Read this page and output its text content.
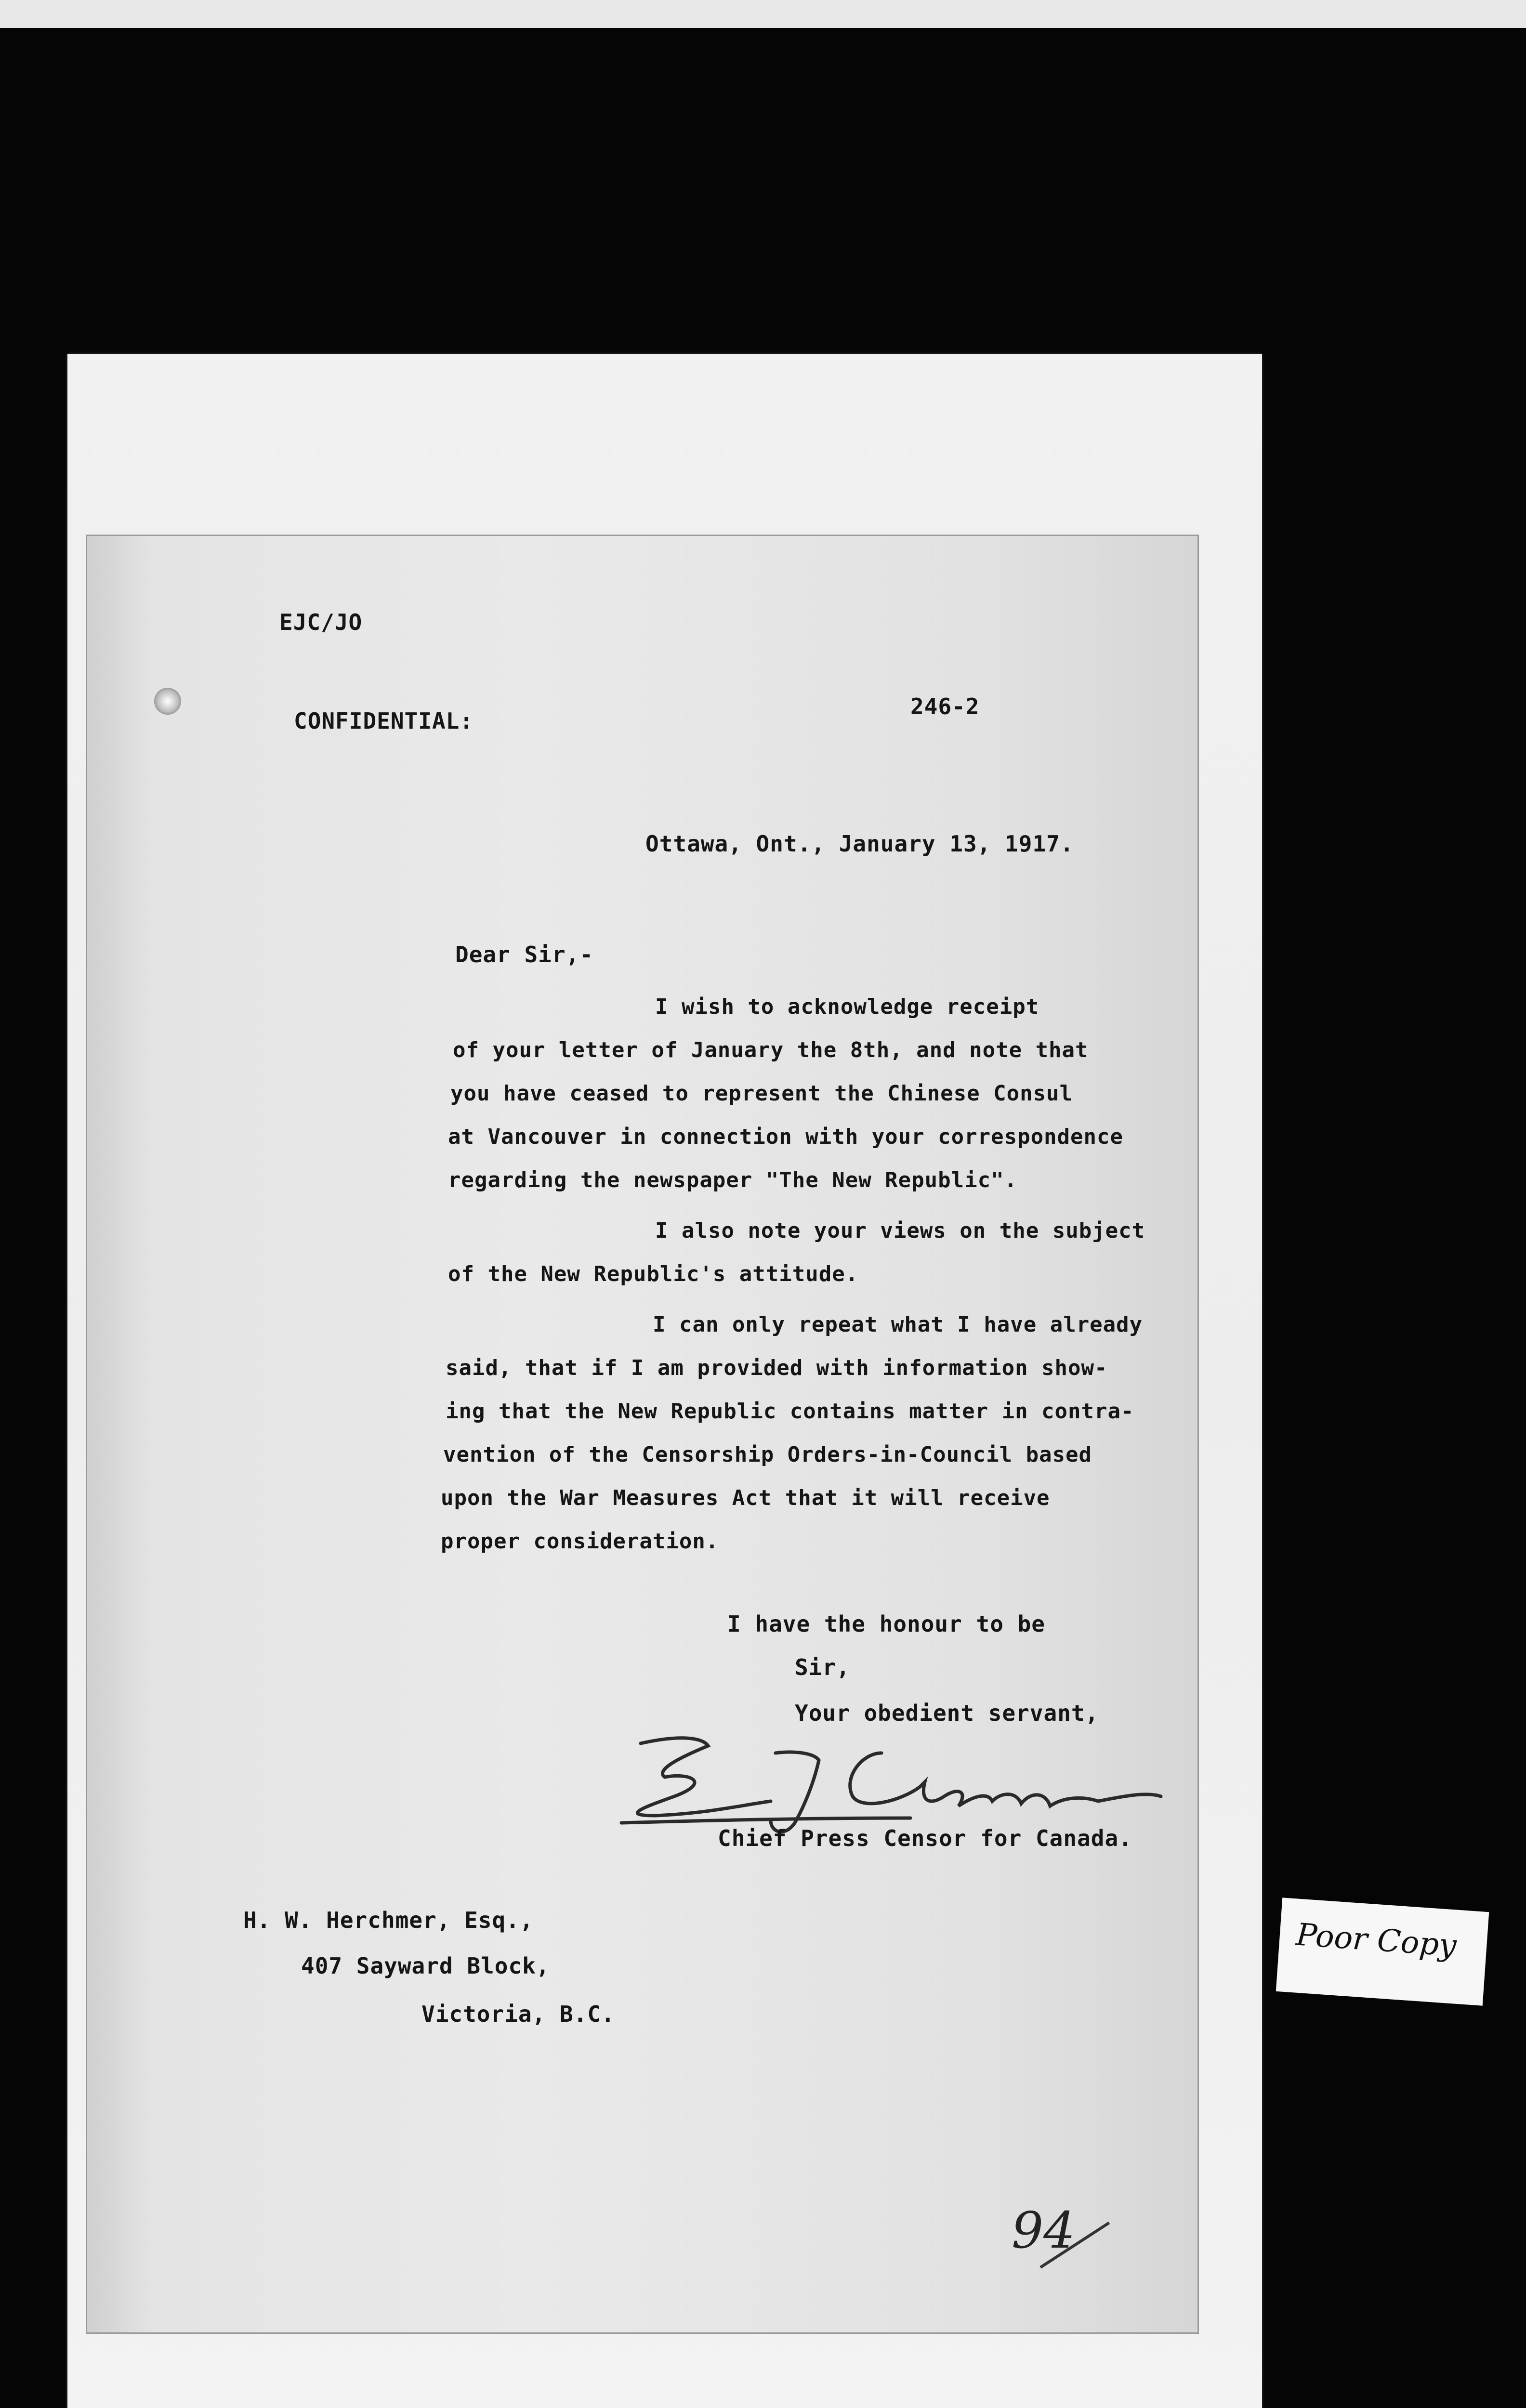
EJC/JO
CONFIDENTIAL:
246-2
Ottawa, Ont., January 13, 1917.
Dear Sir,-
I wish to acknowledge receipt
of your letter of January the 8th, and note that
you have ceased to represent the Chinese Consul
at Vancouver in connection with your correspondence
regarding the newspaper "The New Republic".
I also note your views on the subject
of the New Republic's attitude.
I can only repeat what I have already
said, that if I am provided with information show-
ing that the New Republic contains matter in contra-
vention of the Censorship Orders-in-Council based
upon the War Measures Act that it will receive
proper consideration.
I have the honour to be
Sir,
Your obedient servant,
Chief Press Censor for Canada.
H. W. Herchmer, Esq.,
407 Sayward Block,
Victoria, B.C.
Poor Copy
94
